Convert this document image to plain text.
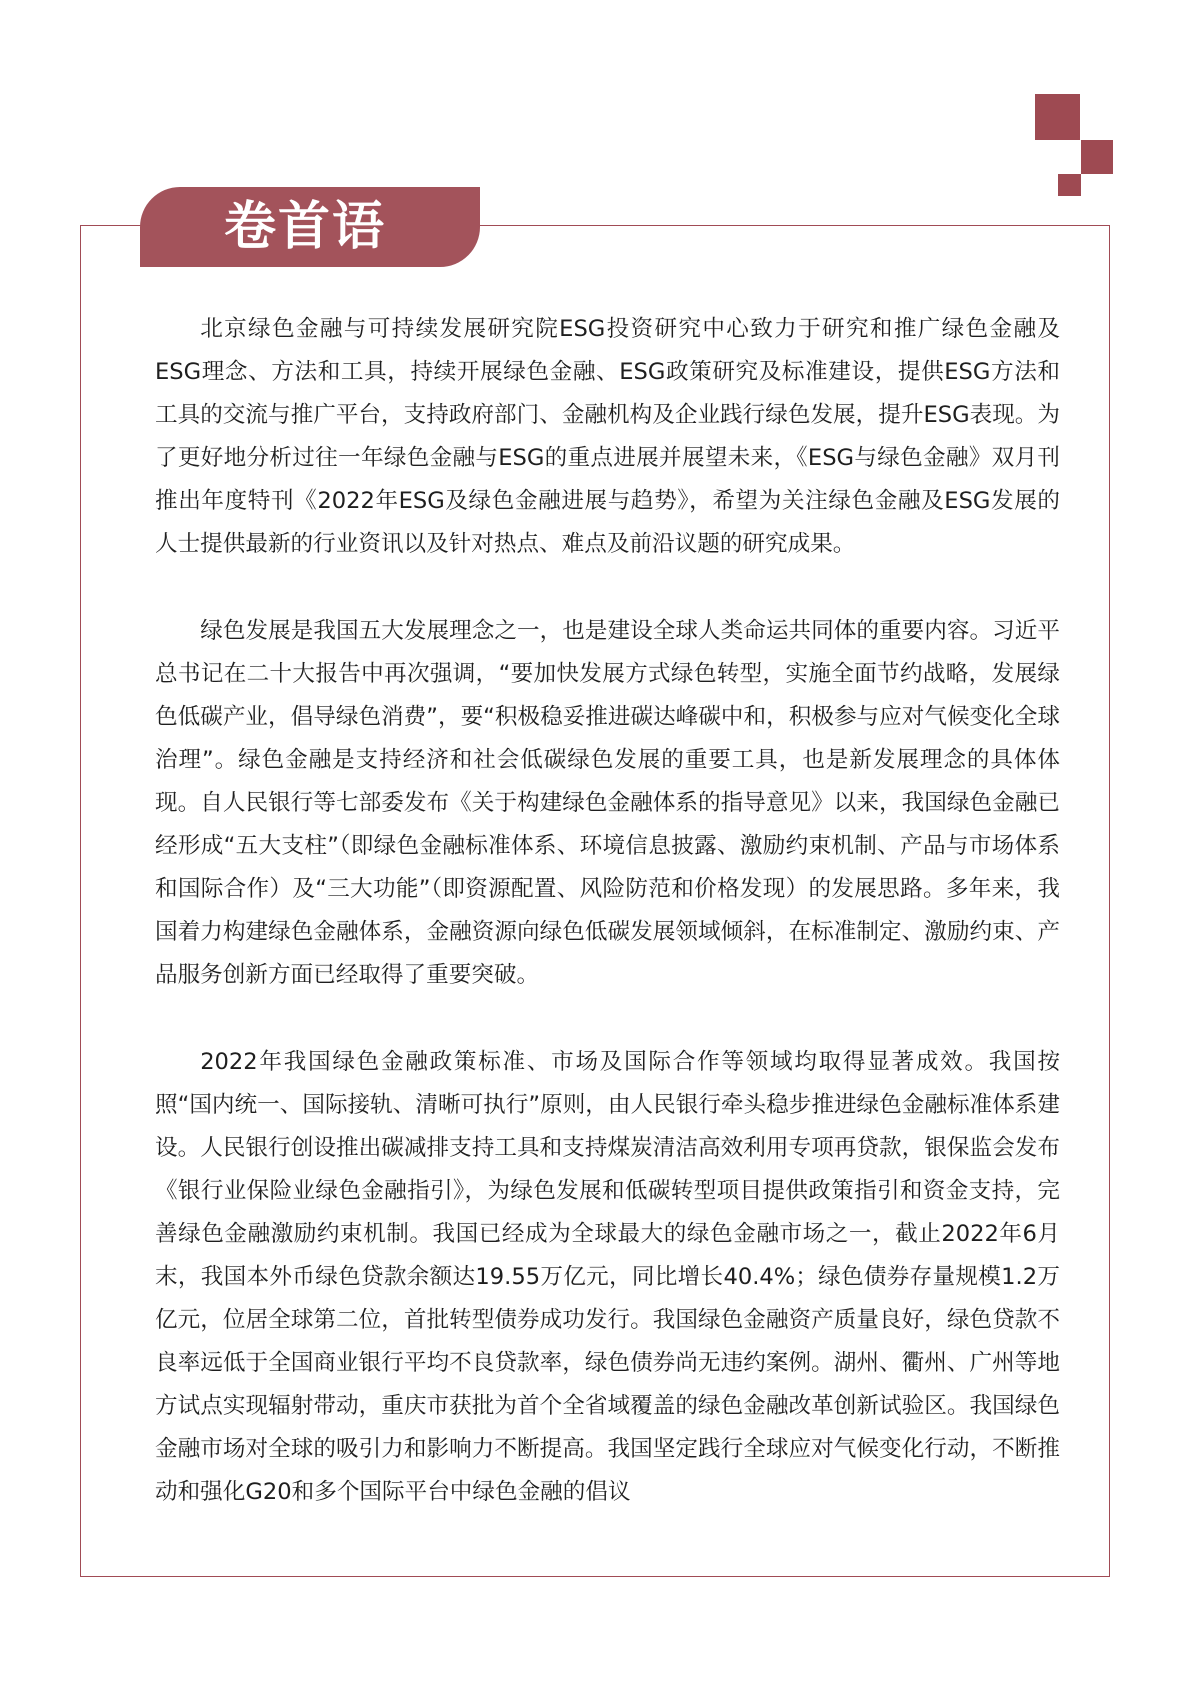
卷首语

北京绿色金融与可持续发展研究院ESG投资研究中心致力于研究和推广绿色金融及ESG理念、方法和工具，持续开展绿色金融、ESG政策研究及标准建设，提供ESG方法和工具的交流与推广平台，支持政府部门、金融机构及企业践行绿色发展，提升ESG表现。为了更好地分析过往一年绿色金融与ESG的重点进展并展望未来，《ESG与绿色金融》双月刊推出年度特刊《2022年ESG及绿色金融进展与趋势》，希望为关注绿色金融及ESG发展的人士提供最新的行业资讯以及针对热点、难点及前沿议题的研究成果。

绿色发展是我国五大发展理念之一，也是建设全球人类命运共同体的重要内容。习近平总书记在二十大报告中再次强调，“要加快发展方式绿色转型，实施全面节约战略，发展绿色低碳产业，倡导绿色消费”，要“积极稳妥推进碳达峰碳中和，积极参与应对气候变化全球治理”。绿色金融是支持经济和社会低碳绿色发展的重要工具，也是新发展理念的具体体现。自人民银行等七部委发布《关于构建绿色金融体系的指导意见》以来，我国绿色金融已经形成“五大支柱”（即绿色金融标准体系、环境信息披露、激励约束机制、产品与市场体系和国际合作）及“三大功能”（即资源配置、风险防范和价格发现）的发展思路。多年来，我国着力构建绿色金融体系，金融资源向绿色低碳发展领域倾斜，在标准制定、激励约束、产品服务创新方面已经取得了重要突破。

2022年我国绿色金融政策标准、市场及国际合作等领域均取得显著成效。我国按照“国内统一、国际接轨、清晰可执行”原则，由人民银行牵头稳步推进绿色金融标准体系建设。人民银行创设推出碳减排支持工具和支持煤炭清洁高效利用专项再贷款，银保监会发布《银行业保险业绿色金融指引》，为绿色发展和低碳转型项目提供政策指引和资金支持，完善绿色金融激励约束机制。我国已经成为全球最大的绿色金融市场之一，截止2022年6月末，我国本外币绿色贷款余额达19.55万亿元，同比增长40.4%；绿色债券存量规模1.2万亿元，位居全球第二位，首批转型债券成功发行。我国绿色金融资产质量良好，绿色贷款不良率远低于全国商业银行平均不良贷款率，绿色债券尚无违约案例。湖州、衢州、广州等地方试点实现辐射带动，重庆市获批为首个全省域覆盖的绿色金融改革创新试验区。我国绿色金融市场对全球的吸引力和影响力不断提高。我国坚定践行全球应对气候变化行动，不断推动和强化G20和多个国际平台中绿色金融的倡议
